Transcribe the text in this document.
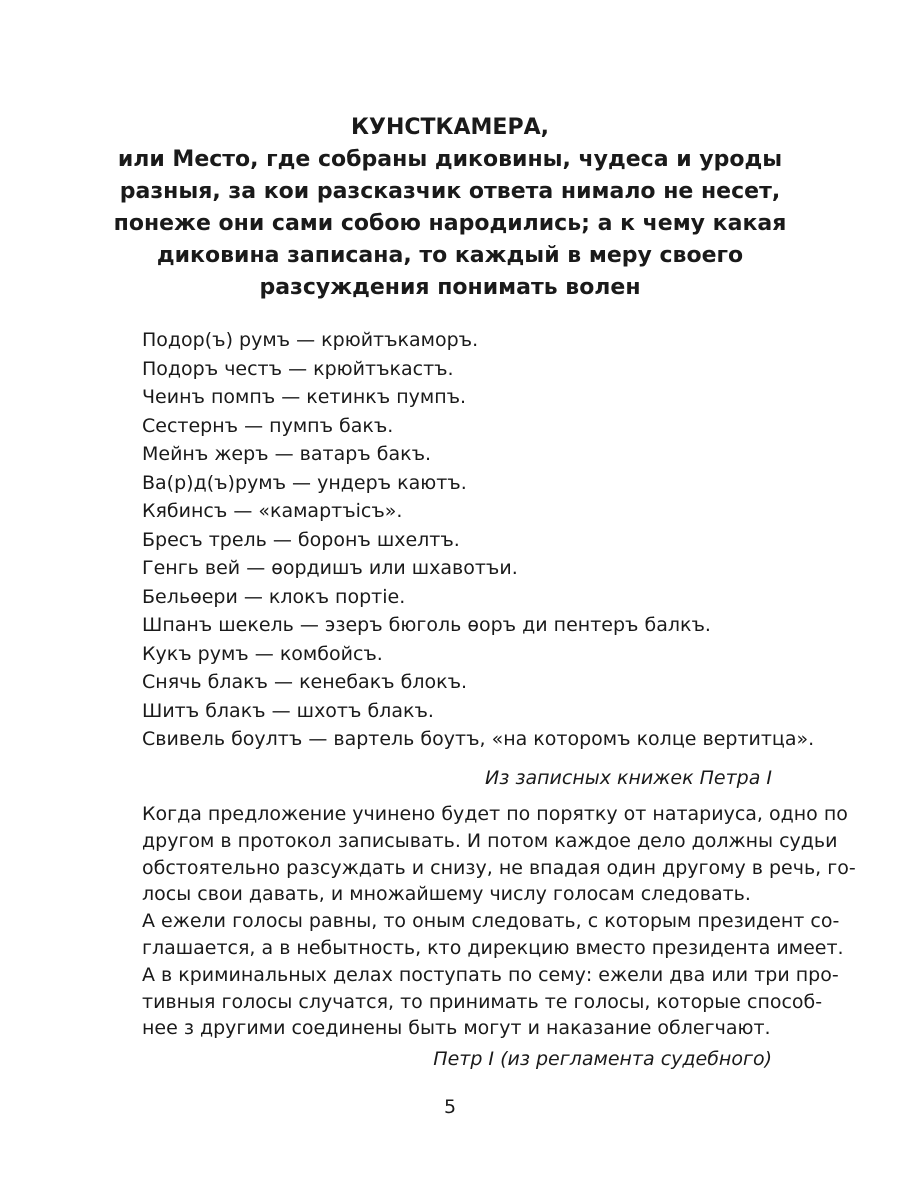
КУНСТКАМЕРА,
или Место, где собраны диковины, чудеса и уроды
разныя, за кои разсказчик ответа нимало не несет,
понеже они сами собою народились; а к чему какая
диковина записана, то каждый в меру своего
разсуждения понимать волен
Подор(ъ) румъ — крюйтъкаморъ.
Подоръ честъ — крюйтъкастъ.
Чеинъ помпъ — кетинкъ пумпъ.
Сестернъ — пумпъ бакъ.
Мейнъ жеръ — ватаръ бакъ.
Ва(р)д(ъ)румъ — ундеръ каютъ.
Кябинсъ — «камартъісъ».
Бресъ трель — боронъ шхелтъ.
Генгь вей — ѳордишъ или шхавотъи.
Бельѳери — клокъ портіе.
Шпанъ шекель — эзеръ бюголь ѳоръ ди пентеръ балкъ.
Кукъ румъ — комбойсъ.
Снячь блакъ — кенебакъ блокъ.
Шитъ блакъ — шхотъ блакъ.
Свивель боултъ — вартель боутъ, «на которомъ колце вертитца».
Из записных книжек Петра I
Когда предложение учинено будет по порятку от натариуса, одно по
другом в протокол записывать. И потом каждое дело должны судьи
обстоятельно разсуждать и снизу, не впадая один другому в речь, го-
лосы свои давать, и множайшему числу голосам следовать.
А ежели голосы равны, то оным следовать, с которым президент со-
глашается, а в небытность, кто дирекцию вместо президента имеет.
А в криминальных делах поступать по сему: ежели два или три про-
тивныя голосы случатся, то принимать те голосы, которые способ-
нее з другими соединены быть могут и наказание облегчают.
Петр I (из регламента судебного)
5
